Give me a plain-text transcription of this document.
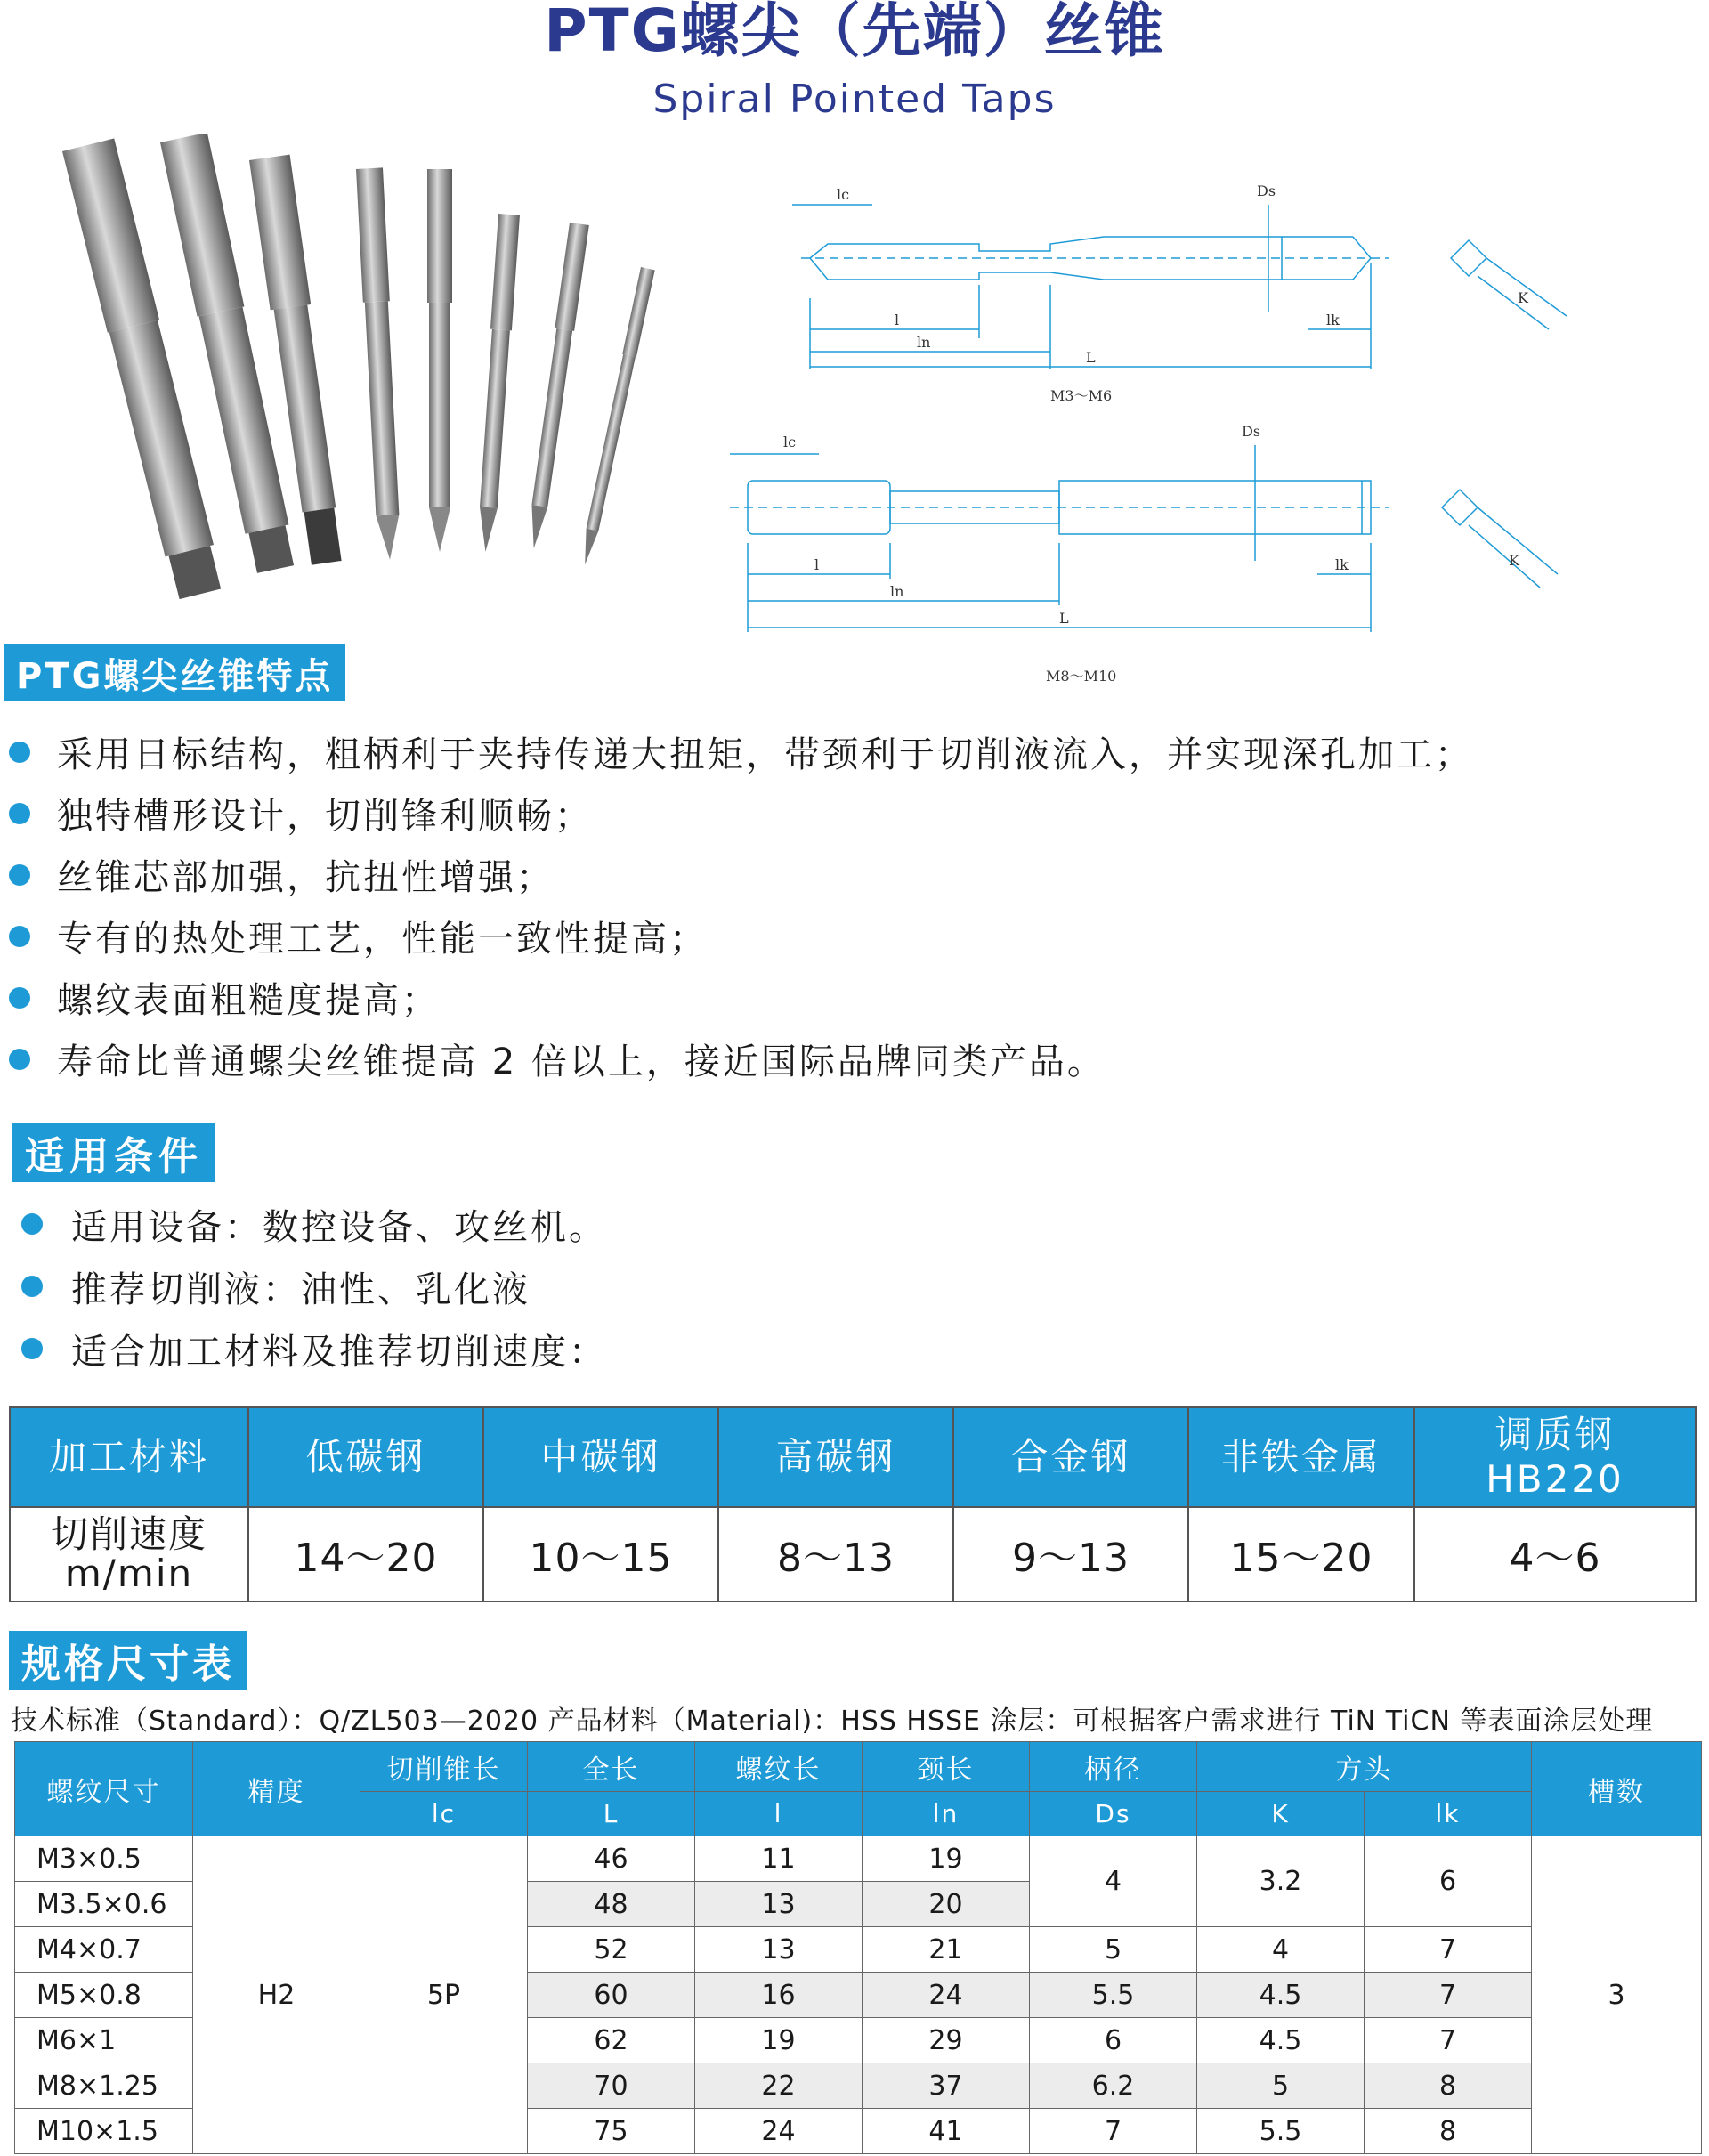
PTG螺尖（先端）丝锥
Spiral Pointed Taps
lc
l
ln
L
lk
Ds
K
M3～M6
lc
l
ln
L
lk
Ds
K
M8～M10
PTG螺尖丝锥特点
采用日标结构，粗柄利于夹持传递大扭矩，带颈利于切削液流入，并实现深孔加工；
独特槽形设计，切削锋利顺畅；
丝锥芯部加强，抗扭性增强；
专有的热处理工艺，性能一致性提高；
螺纹表面粗糙度提高；
寿命比普通螺尖丝锥提高 2 倍以上，接近国际品牌同类产品。
适用条件
适用设备：数控设备、攻丝机。
推荐切削液：油性、乳化液
适合加工材料及推荐切削速度：
加工材料	低碳钢	中碳钢	高碳钢	合金钢	非铁金属	调质钢
HB220

切削速度
m/min	14～20	10～15	8～13	9～13	15～20	4～6
规格尺寸表
技术标准（Standard）：Q/ZL503—2020 产品材料（Material)：HSS HSSE 涂层：可根据客户需求进行 TiN TiCN 等表面涂层处理
螺纹尺寸	精度	切削锥长	全长	螺纹长	颈长	柄径	方头		槽数
		lc	L	l	ln	Ds	K	lk	
M3×0.5	H2	5P	46	11	19	4	3.2	6	3
M3.5×0.6			48	13	20				
M4×0.7			52	13	21	5	4	7	
M5×0.8			60	16	24	5.5	4.5	7	
M6×1			62	19	29	6	4.5	7	
M8×1.25			70	22	37	6.2	5	8	
M10×1.5			75	24	41	7	5.5	8	
